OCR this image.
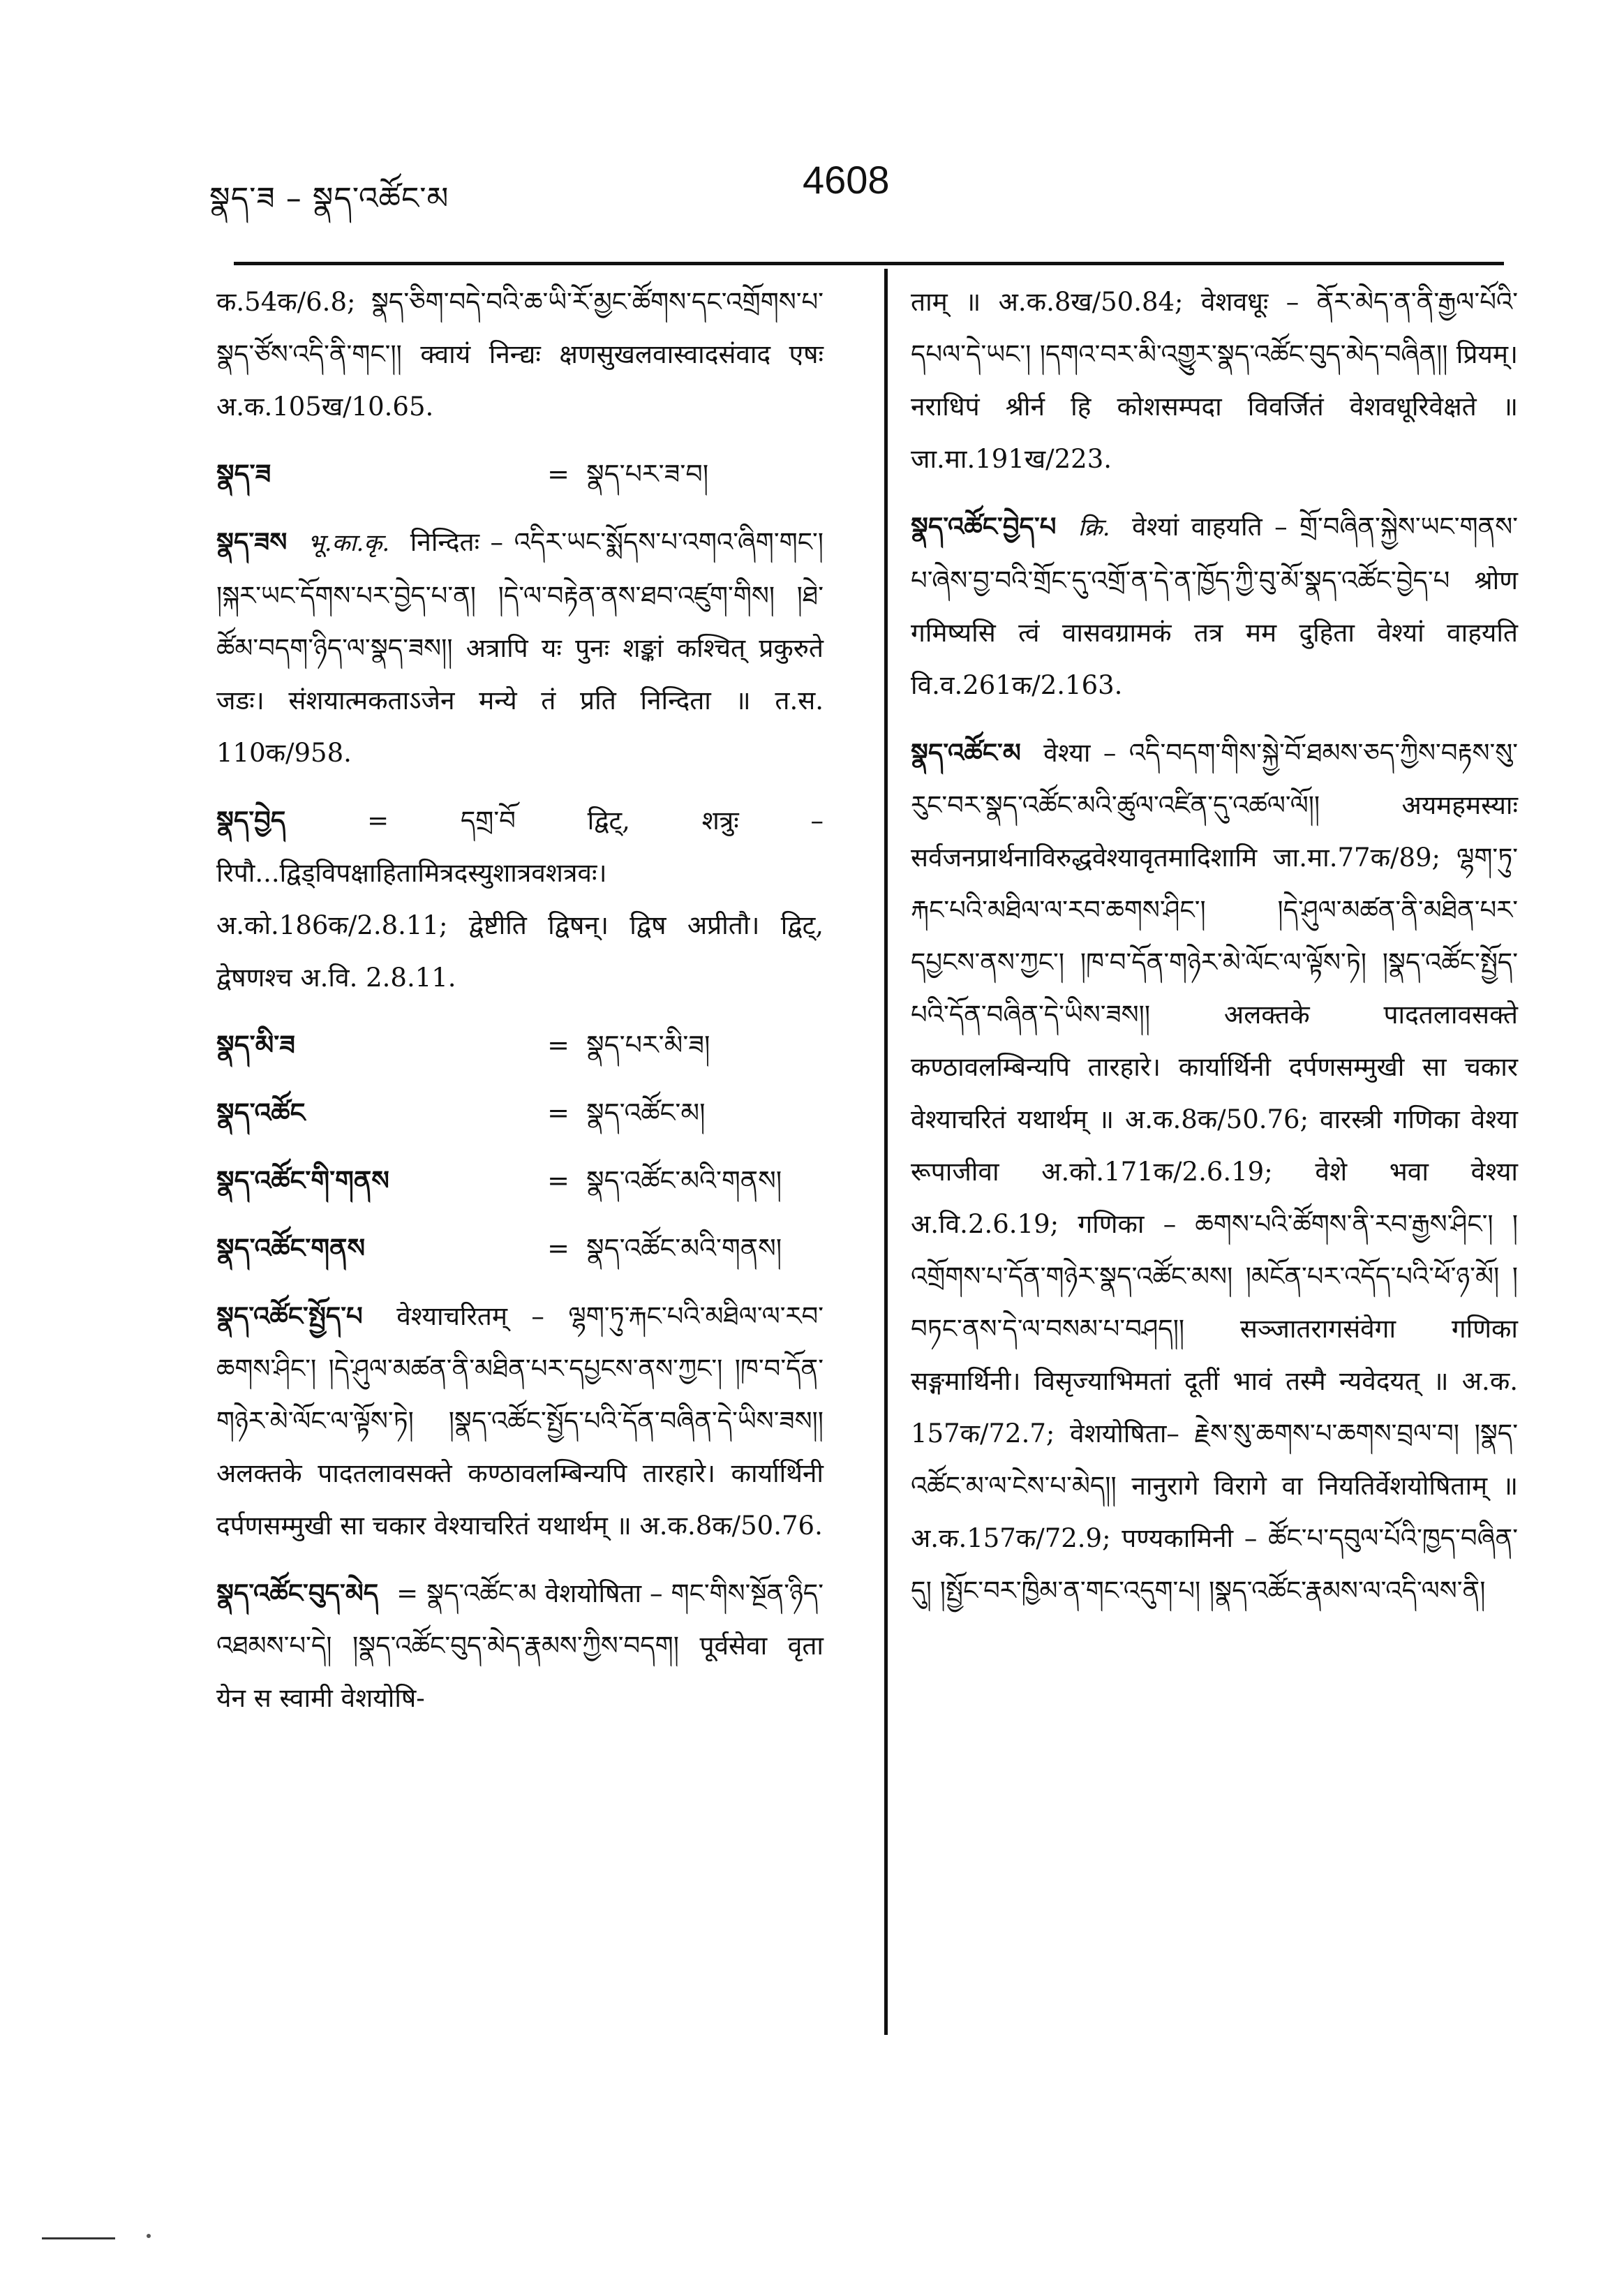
སྣད་ཟ – སྣད་འཚོང་མ	4608
क.54क/6.8; སྣད་ཅིག་བདེ་བའི་ཆ་ཡི་རོ་མྱང་ཚོགས་དང་འགྲོགས་པ་སྣད་ཙོས་འདི་ནི་གང་།། क्वायं निन्द्यः क्षणसुखलवास्वादसंवाद एषः अ.क.105ख/10.65.
སྣད་ཟ	= སྣད་པར་ཟ་བ།
སྣད་ཟས भू.का.कृ. निन्दितः – འདིར་ཡང་སྨོདས་པ་འགའ་ཞིག་གང་། །སྐར་ཡང་དོགས་པར་བྱེད་པ་ན། །དེ་ལ་བརྟེན་ནས་ཐབ་འཛུག་གིས། །ཐེ་ཚོམ་བདག་ཉིད་ལ་སྣད་ཟས།། अत्रापि यः पुनः शङ्कां कश्चित् प्रकुरुते जडः। संशयात्मकताऽजेन मन्ये तं प्रति निन्दिता ॥ त.स. 110क/958.
སྣད་བྱེད	= དགྲ་བོ द्विट्, शत्रुः – रिपौ...द्विड्विपक्षाहितामित्रदस्युशात्रवशत्रवः। अ.को.186क/2.8.11; द्वेष्टीति द्विषन्। द्विष अप्रीतौ। द्विट्, द्वेषणश्च अ.वि. 2.8.11.
སྣད་མི་ཟ	= སྣད་པར་མི་ཟ།
སྣད་འཚོང	= སྣད་འཚོང་མ།
སྣད་འཚོང་གི་གནས	= སྣད་འཚོང་མའི་གནས།
སྣད་འཚོང་གནས	= སྣད་འཚོང་མའི་གནས།
སྣད་འཚོང་སྤྱོད་པ वेश्याचरितम् – ལྷག་ཏུ་རྐང་པའི་མཐིལ་ལ་རབ་ཆགས་ཤིང་། །དེ་ཤུལ་མཚན་ནི་མཐིན་པར་དཔྱངས་ནས་ཀྱང་། །ཁ་བ་དོན་གཉེར་མེ་ལོང་ལ་ལྟོས་ཏེ། །སྣད་འཚོང་སྤྱོད་པའི་དོན་བཞིན་དེ་ཡིས་ཟས།། अलक्तके पादतलावसक्ते कण्ठावलम्बिन्यपि तारहारे। कार्यार्थिनी दर्पणसम्मुखी सा चकार वेश्याचरितं यथार्थम् ॥ अ.क.8क/50.76.
སྣད་འཚོང་བུད་མེད = སྣད་འཚོང་མ वेशयोषिता – གང་གིས་སྔོན་ཉིད་འཐམས་པ་དེ། །སྣད་འཚོང་བུད་མེད་རྣམས་ཀྱིས་བདག། पूर्वसेवा वृता येन स स्वामी वेशयोषि-
ताम् ॥ अ.क.8ख/50.84; वेशवधूः – ནོར་མེད་ན་ནི་རྒྱལ་པོའི་དཔལ་དེ་ཡང་། །དགའ་བར་མི་འགྱུར་སྣད་འཚོང་བུད་མེད་བཞིན།། प्रियम्। नराधिपं श्रीर्न हि कोशसम्पदा विवर्जितं वेशवधूरिवेक्षते ॥ जा.मा.191ख/223.
སྣད་འཚོང་བྱེད་པ क्रि. वेश्यां वाहयति – གྲོ་བཞིན་སྐྱེས་ཡང་གནས་པ་ཞེས་བྱ་བའི་གྲོང་དུ་འགྲོ་ན་དེ་ན་ཁྱོད་ཀྱི་བུ་མོ་སྣད་འཚོང་བྱེད་པ श्रोण गमिष्यसि त्वं वासवग्रामकं तत्र मम दुहिता वेश्यां वाहयति वि.व.261क/2.163.
སྣད་འཚོང་མ वेश्या – འདི་བདག་གིས་སྐྱེ་བོ་ཐམས་ཅད་ཀྱིས་བརྟས་སུ་རུང་བར་སྣད་འཚོང་མའི་ཚུལ་འཛིན་དུ་འཚལ་ལོ།། अयमहमस्याः सर्वजनप्रार्थनाविरुद्धवेश्यावृतमादिशामि जा.मा.77क/89; ལྷག་ཏུ་རྐང་པའི་མཐིལ་ལ་རབ་ཆགས་ཤིང་། །དེ་ཤུལ་མཚན་ནི་མཐིན་པར་དཔྱངས་ནས་ཀྱང་། །ཁ་བ་དོན་གཉེར་མེ་ལོང་ལ་ལྟོས་ཏེ། །སྣད་འཚོང་སྤྱོད་པའི་དོན་བཞིན་དེ་ཡིས་ཟས།། अलक्तके पादतलावसक्ते कण्ठावलम्बिन्यपि तारहारे। कार्यार्थिनी दर्पणसम्मुखी सा चकार वेश्याचरितं यथार्थम् ॥ अ.क.8क/50.76; वारस्त्री गणिका वेश्या रूपाजीवा अ.को.171क/2.6.19; वेशे भवा वेश्या अ.वि.2.6.19; गणिका – ཆགས་པའི་ཚོགས་ནི་རབ་རྒྱས་ཤིང་། །འགྲོགས་པ་དོན་གཉེར་སྣད་འཚོང་མས། །མངོན་པར་འདོད་པའི་ཕོ་ཉ་མོ། །བཏང་ནས་དེ་ལ་བསམ་པ་བཤད།། सञ्जातरागसंवेगा गणिका सङ्गमार्थिनी। विसृज्याभिमतां दूतीं भावं तस्मै न्यवेदयत् ॥ अ.क. 157क/72.7; वेशयोषिता– རྗེས་སུ་ཆགས་པ་ཆགས་བྲལ་བ། །སྣད་འཚོང་མ་ལ་ངེས་པ་མེད།། नानुरागे विरागे वा नियतिर्वेशयोषिताम् ॥ अ.क.157क/72.9; पण्यकामिनी – ཚོང་པ་དབུལ་པོའི་ཁྱད་བཞིན་དུ། །སྤྱོང་བར་ཁྱིམ་ན་གང་འདུག་པ། །སྣད་འཚོང་རྣམས་ལ་འདི་ལས་ནི།
